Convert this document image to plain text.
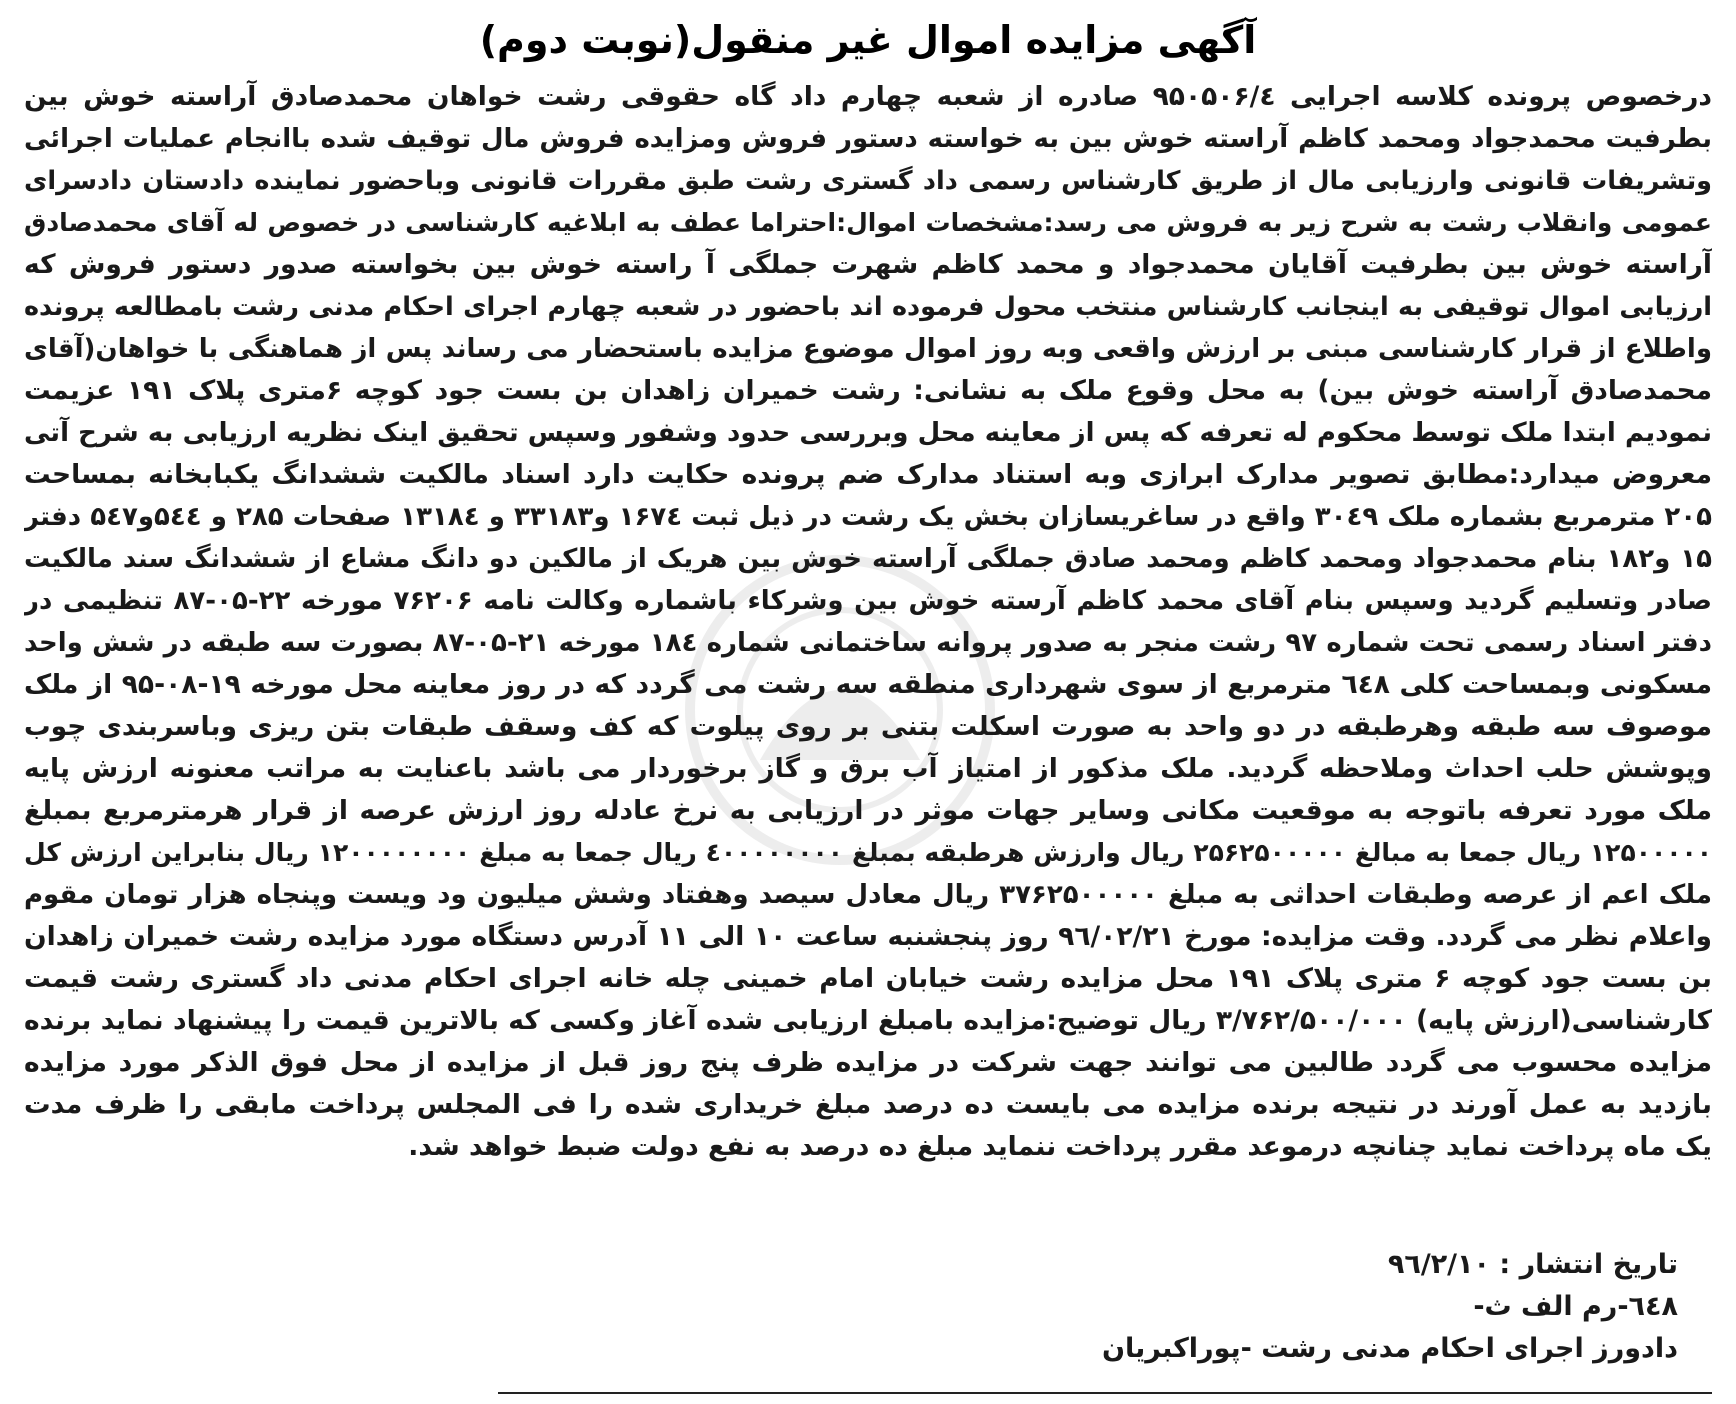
آگهی مزایده اموال غیر منقول(نوبت دوم)
درخصوص پرونده کلاسه اجرایی ۹۵۰۵۰۶/٤ صادره از شعبه چهارم داد گاه حقوقی رشت خواهان محمدصادق آراسته خوش بین
بطرفیت محمدجواد ومحمد کاظم آراسته خوش بین به خواسته دستور فروش ومزایده فروش مال توقیف شده باانجام عملیات اجرائی
وتشریفات قانونی وارزیابی مال از طریق کارشناس رسمی داد گستری رشت طبق مقررات قانونی وباحضور نماینده دادستان دادسرای
عمومی وانقلاب رشت به شرح زیر به فروش می رسد:مشخصات اموال:احتراما عطف به ابلاغیه کارشناسی در خصوص له آقای محمدصادق
آراسته خوش بین بطرفیت آقایان محمدجواد و محمد کاظم شهرت جملگی آ راسته خوش بین بخواسته صدور دستور فروش که
ارزیابی اموال توقیفی به اینجانب کارشناس منتخب محول فرموده اند باحضور در شعبه چهارم اجرای احکام مدنی رشت بامطالعه پرونده
واطلاع از قرار کارشناسی مبنی بر ارزش واقعی وبه روز اموال موضوع مزایده باستحضار می رساند پس از هماهنگی با خواهان(آقای
محمدصادق آراسته خوش بین) به محل وقوع ملک به نشانی: رشت خمیران زاهدان بن بست جود کوچه ۶متری پلاک ۱۹۱ عزیمت
نمودیم ابتدا ملک توسط محکوم له تعرفه که پس از معاینه محل وبررسی حدود وشفور وسپس تحقیق اینک نظریه ارزیابی به شرح آتی
معروض میدارد:مطابق تصویر مدارک ابرازی وبه استناد مدارک ضم پرونده حکایت دارد اسناد مالکیت ششدانگ یکبابخانه بمساحت
۲۰۵ مترمربع بشماره ملک ۳۰٤۹ واقع در ساغریسازان بخش یک رشت در ذیل ثبت ۱۶۷٤ و۳۳۱۸۳ و ۱۳۱۸٤ صفحات ۲۸۵ و ۵٤٤و۵٤۷ دفتر
۱۵ و۱۸۲ بنام محمدجواد ومحمد کاظم ومحمد صادق جملگی آراسته خوش بین هریک از مالکین دو دانگ مشاع از ششدانگ سند مالکیت
صادر وتسلیم گردید وسپس بنام آقای محمد کاظم آرسته خوش بین وشرکاء باشماره وکالت نامه ۷۶۲۰۶ مورخه ۲۲-۰۵-۸۷ تنظیمی در
دفتر اسناد رسمی تحت شماره ۹۷ رشت منجر به صدور پروانه ساختمانی شماره ۱۸٤ مورخه ۲۱-۰۵-۸۷ بصورت سه طبقه در شش واحد
مسکونی وبمساحت کلی ٦٤۸ مترمربع از سوی شهرداری منطقه سه رشت می گردد که در روز معاینه محل مورخه ۱۹-۰۸-۹۵ از ملک
موصوف سه طبقه وهرطبقه در دو واحد به صورت اسکلت بتنی بر روی پیلوت که کف وسقف طبقات بتن ریزی وباسربندی چوب
وپوشش حلب احداث وملاحظه گردید. ملک مذکور از امتیاز آب برق و گاز برخوردار می باشد باعنایت به مراتب معنونه ارزش پایه
ملک مورد تعرفه باتوجه به موقعیت مکانی وسایر جهات موثر در ارزیابی به نرخ عادله روز ارزش عرصه از قرار هرمترمربع بمبلغ
۱۲۵۰۰۰۰۰ ریال جمعا به مبالغ ۲۵۶۲۵۰۰۰۰۰ ریال وارزش هرطبقه بمبلغ ٤۰۰۰۰۰۰۰۰ ریال جمعا به مبلغ ۱۲۰۰۰۰۰۰۰۰ ریال بنابراین ارزش کل
ملک اعم از عرصه وطبقات احداثی به مبلغ ۳۷۶۲۵۰۰۰۰۰ ریال معادل سیصد وهفتاد وشش میلیون ود ویست وپنجاه هزار تومان مقوم
واعلام نظر می گردد. وقت مزایده: مورخ ۹٦/۰۲/۲۱ روز پنجشنبه ساعت ۱۰ الی ۱۱ آدرس دستگاه مورد مزایده رشت خمیران زاهدان
بن بست جود کوچه ۶ متری پلاک ۱۹۱ محل مزایده رشت خیابان امام خمینی چله خانه اجرای احکام مدنی داد گستری رشت قیمت
کارشناسی(ارزش پایه) ۳/۷۶۲/۵۰۰/۰۰۰ ریال توضیح:مزایده بامبلغ ارزیابی شده آغاز وکسی که بالاترین قیمت را پیشنهاد نماید برنده
مزایده محسوب می گردد طالبین می توانند جهت شرکت در مزایده ظرف پنج روز قبل از مزایده از محل فوق الذکر مورد مزایده
بازدید به عمل آورند در نتیجه برنده مزایده می بایست ده درصد مبلغ خریداری شده را فی المجلس پرداخت مابقی را ظرف مدت
یک ماه پرداخت نماید چنانچه درموعد مقرر پرداخت ننماید مبلغ ده درصد به نفع دولت ضبط خواهد شد.
تاریخ انتشار : ۹٦/۲/۱۰
٦٤۸-رم الف ث-
دادورز اجرای احکام مدنی رشت -پوراکبریان
